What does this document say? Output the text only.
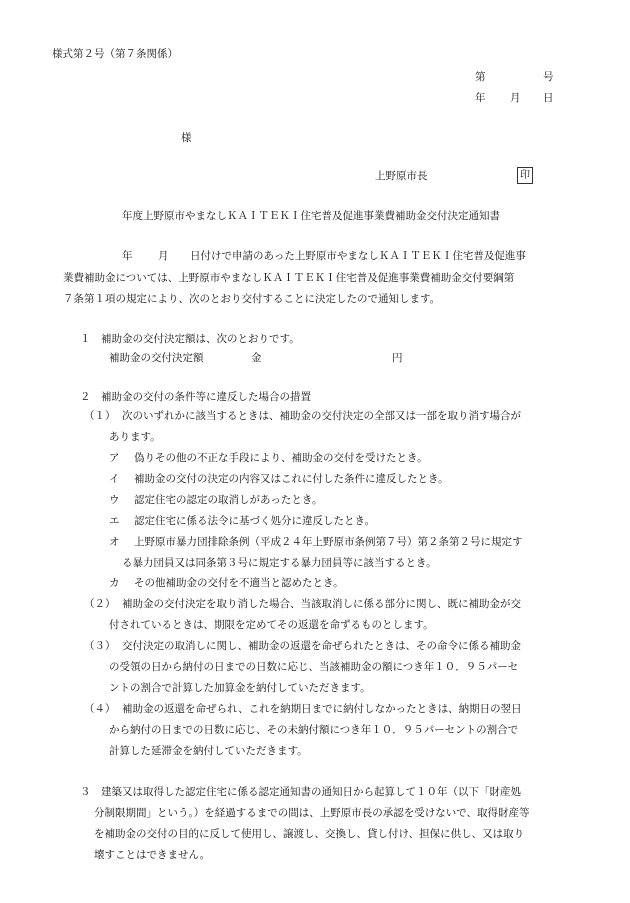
様式第２号（第７条関係）
第	号
年 月 日
様
上野原市長	印
年度上野原市やまなしＫＡＩＴＥＫＩ住宅普及促進事業費補助金交付決定通知書
年 月 日付けで申請のあった上野原市やまなしＫＡＩＴＥＫＩ住宅普及促進事
業費補助金については、上野原市やまなしＫＡＩＴＥＫＩ住宅普及促進事業費補助金交付要綱第
７条第１項の規定により、次のとおり交付することに決定したので通知します。
１　補助金の交付決定額は、次のとおりです。
補助金の交付決定額	金	円
２　補助金の交付の条件等に違反した場合の措置
（１） 次のいずれかに該当するときは、補助金の交付決定の全部又は一部を取り消す場合が
あります。
ア 偽りその他の不正な手段により、補助金の交付を受けたとき。
イ 補助金の交付の決定の内容又はこれに付した条件に違反したとき。
ウ 認定住宅の認定の取消しがあったとき。
エ 認定住宅に係る法令に基づく処分に違反したとき。
オ 上野原市暴力団排除条例（平成２４年上野原市条例第７号）第２条第２号に規定す
る暴力団員又は同条第３号に規定する暴力団員等に該当するとき。
カ その他補助金の交付を不適当と認めたとき。
（２） 補助金の交付決定を取り消した場合、当該取消しに係る部分に関し、既に補助金が交
付されているときは、期限を定めてその返還を命ずるものとします。
（３） 交付決定の取消しに関し、補助金の返還を命ぜられたときは、その命令に係る補助金
の受領の日から納付の日までの日数に応じ、当該補助金の額につき年１０．９５パーセ
ントの割合で計算した加算金を納付していただきます。
（４） 補助金の返還を命ぜられ、これを納期日までに納付しなかったときは、納期日の翌日
から納付の日までの日数に応じ、その未納付額につき年１０．９５パーセントの割合で
計算した延滞金を納付していただきます。
３　建築又は取得した認定住宅に係る認定通知書の通知日から起算して１０年（以下「財産処
分制限期間」という。）を経過するまでの間は、上野原市長の承認を受けないで、取得財産等
を補助金の交付の目的に反して使用し、譲渡し、交換し、貸し付け、担保に供し、又は取り
壊すことはできません。
